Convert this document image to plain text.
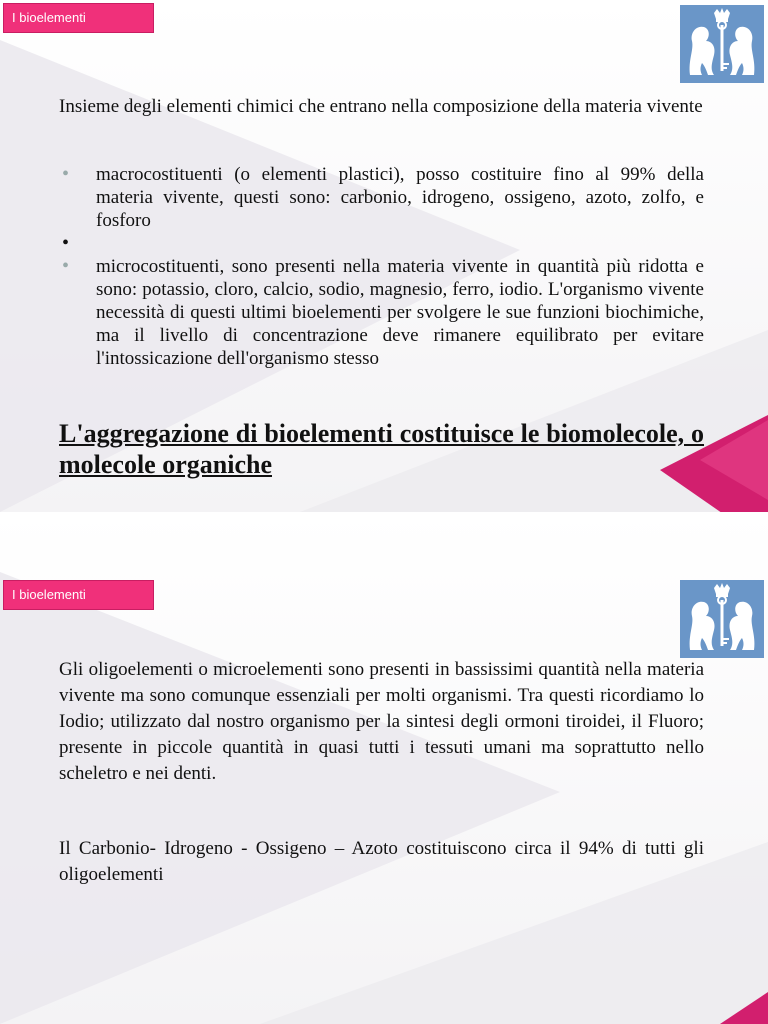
I bioelementi

Insieme degli elementi chimici che entrano nella composizione della materia vivente

• macrocostituenti (o elementi plastici), posso costituire fino al 99% della materia vivente, questi sono: carbonio, idrogeno, ossigeno, azoto, zolfo, e fosforo
•
• microcostituenti, sono presenti nella materia vivente in quantità più ridotta e sono: potassio, cloro, calcio, sodio, magnesio, ferro, iodio. L'organismo vivente necessità di questi ultimi bioelementi per svolgere le sue funzioni biochimiche, ma il livello di concentrazione deve rimanere equilibrato per evitare l'intossicazione dell'organismo stesso

L'aggregazione di bioelementi costituisce le biomolecole, o molecole organiche

I bioelementi

Gli oligoelementi o microelementi sono presenti in bassissimi quantità nella materia vivente ma sono comunque essenziali per molti organismi. Tra questi ricordiamo lo Iodio; utilizzato dal nostro organismo per la sintesi degli ormoni tiroidei, il Fluoro; presente in piccole quantità in quasi tutti i tessuti umani ma soprattutto nello scheletro e nei denti.

Il Carbonio- Idrogeno - Ossigeno – Azoto costituiscono circa il 94% di tutti gli oligoelementi
